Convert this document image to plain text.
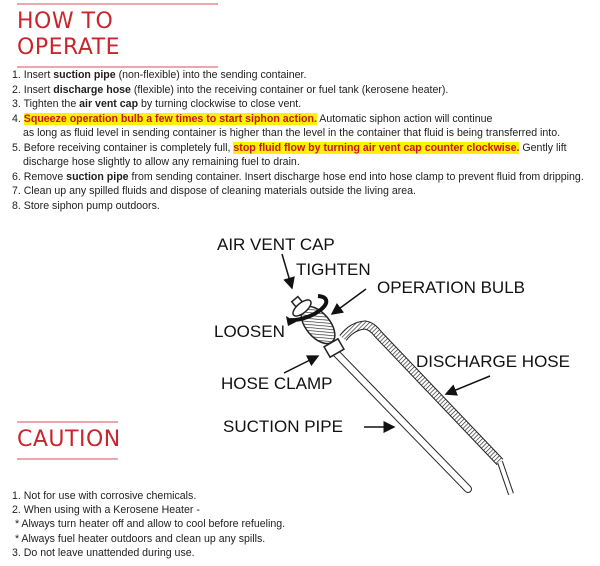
HOW TO OPERATE
1. Insert suction pipe (non-flexible) into the sending container.
2. Insert discharge hose (flexible) into the receiving container or fuel tank (kerosene heater).
3. Tighten the air vent cap by turning clockwise to close vent.
4. Squeeze operation bulb a few times to start siphon action. Automatic siphon action will continue
as long as fluid level in sending container is higher than the level in the container that fluid is being transferred into.
5. Before receiving container is completely full, stop fluid flow by turning air vent cap counter clockwise. Gently lift
discharge hose slightly to allow any remaining fuel to drain.
6. Remove suction pipe from sending container. Insert discharge hose end into hose clamp to prevent fluid from dripping.
7. Clean up any spilled fluids and dispose of cleaning materials outside the living area.
8. Store siphon pump outdoors.
AIR VENT CAP
TIGHTEN
OPERATION BULB
LOOSEN
DISCHARGE HOSE
HOSE CLAMP
SUCTION PIPE
CAUTION
1. Not for use with corrosive chemicals.
2. When using with a Kerosene Heater -
* Always turn heater off and allow to cool before refueling.
* Always fuel heater outdoors and clean up any spills.
3. Do not leave unattended during use.
